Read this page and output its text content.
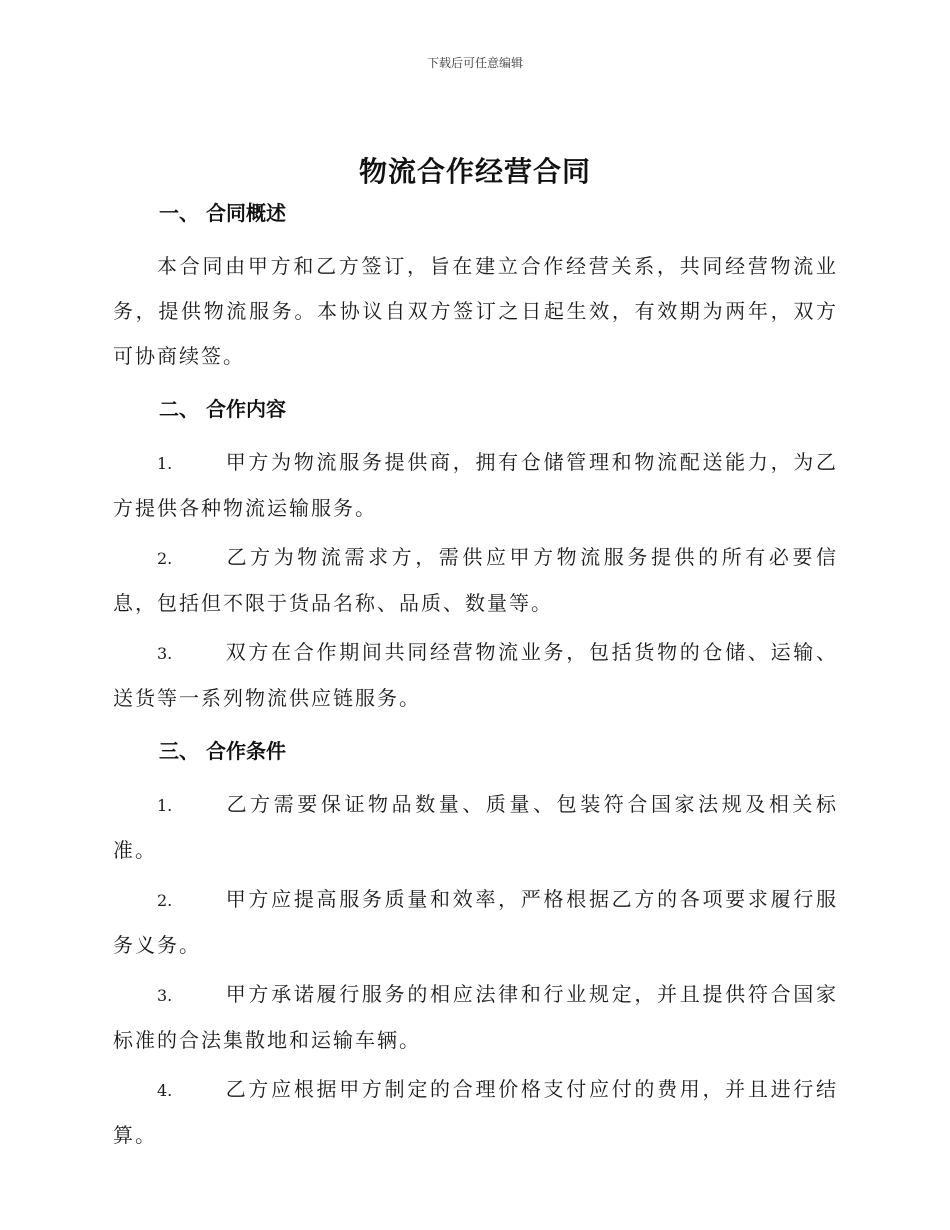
下载后可任意编辑
物流合作经营合同
一、 合同概述

本合同由甲方和乙方签订，旨在建立合作经营关系，共同经营物流业务，提供物流服务。本协议自双方签订之日起生效，有效期为两年，双方可协商续签。

二、 合作内容

1.	甲方为物流服务提供商，拥有仓储管理和物流配送能力，为乙方提供各种物流运输服务。

2.	乙方为物流需求方，需供应甲方物流服务提供的所有必要信息，包括但不限于货品名称、品质、数量等。

3.	双方在合作期间共同经营物流业务，包括货物的仓储、运输、送货等一系列物流供应链服务。

三、 合作条件

1.	乙方需要保证物品数量、质量、包装符合国家法规及相关标准。

2.	甲方应提高服务质量和效率，严格根据乙方的各项要求履行服务义务。

3.	甲方承诺履行服务的相应法律和行业规定，并且提供符合国家标准的合法集散地和运输车辆。

4.	乙方应根据甲方制定的合理价格支付应付的费用，并且进行结算。
